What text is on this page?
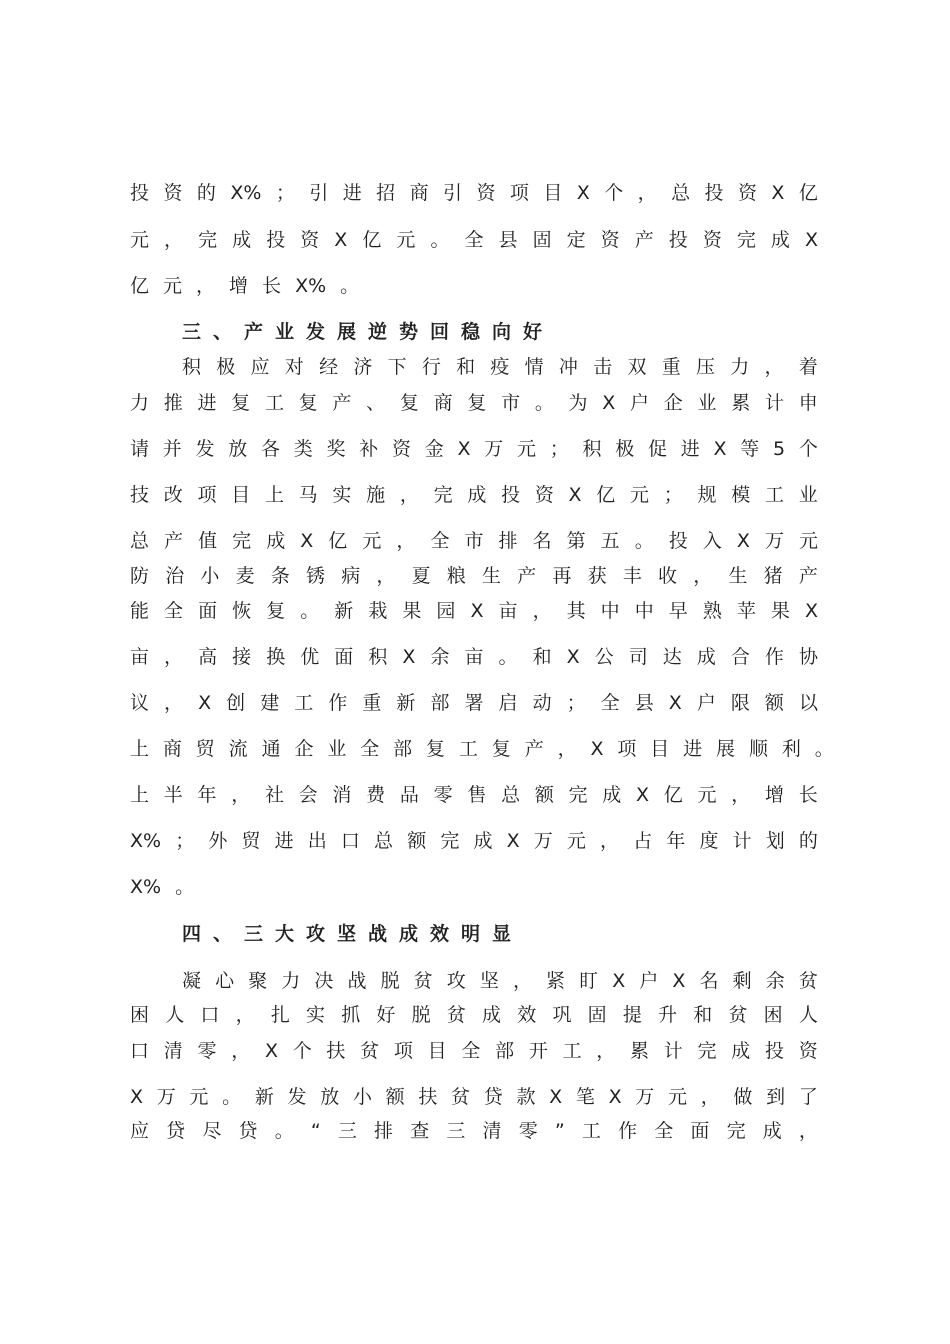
投 资 的 X% ； 引 进 招 商 引 资 项 目 X 个 ， 总 投 资 X 亿
元 ， 完 成 投 资 X 亿 元 。 全 县 固 定 资 产 投 资 完 成 X
亿 元 ， 增 长 X% 。
三、产业发展逆势回稳向好
积 极 应 对 经 济 下 行 和 疫 情 冲 击 双 重 压 力 ， 着
力 推 进 复 工 复 产 、 复 商 复 市 。 为 X 户 企 业 累 计 申
请 并 发 放 各 类 奖 补 资 金 X 万 元 ； 积 极 促 进 X 等 5 个
技 改 项 目 上 马 实 施 ， 完 成 投 资 X 亿 元 ； 规 模 工 业
总 产 值 完 成 X 亿 元 ， 全 市 排 名 第 五 。 投 入 X 万 元
防 治 小 麦 条 锈 病 ， 夏 粮 生 产 再 获 丰 收 ， 生 猪 产
能 全 面 恢 复 。 新 栽 果 园 X 亩 ， 其 中 中 早 熟 苹 果 X
亩 ， 高 接 换 优 面 积 X 余 亩 。 和 X 公 司 达 成 合 作 协
议 ， X 创 建 工 作 重 新 部 署 启 动 ； 全 县 X 户 限 额 以
上 商 贸 流 通 企 业 全 部 复 工 复 产 ， X 项 目 进 展 顺 利 。
上 半 年 ， 社 会 消 费 品 零 售 总 额 完 成 X 亿 元 ， 增 长
X% ； 外 贸 进 出 口 总 额 完 成 X 万 元 ， 占 年 度 计 划 的
X% 。
四、三大攻坚战成效明显
凝 心 聚 力 决 战 脱 贫 攻 坚 ， 紧 盯 X 户 X 名 剩 余 贫
困 人 口 ， 扎 实 抓 好 脱 贫 成 效 巩 固 提 升 和 贫 困 人
口 清 零 ， X 个 扶 贫 项 目 全 部 开 工 ， 累 计 完 成 投 资
X 万 元 。 新 发 放 小 额 扶 贫 贷 款 X 笔 X 万 元 ， 做 到 了
应 贷 尽 贷 。 “ 三 排 查 三 清 零 ” 工 作 全 面 完 成 ，
